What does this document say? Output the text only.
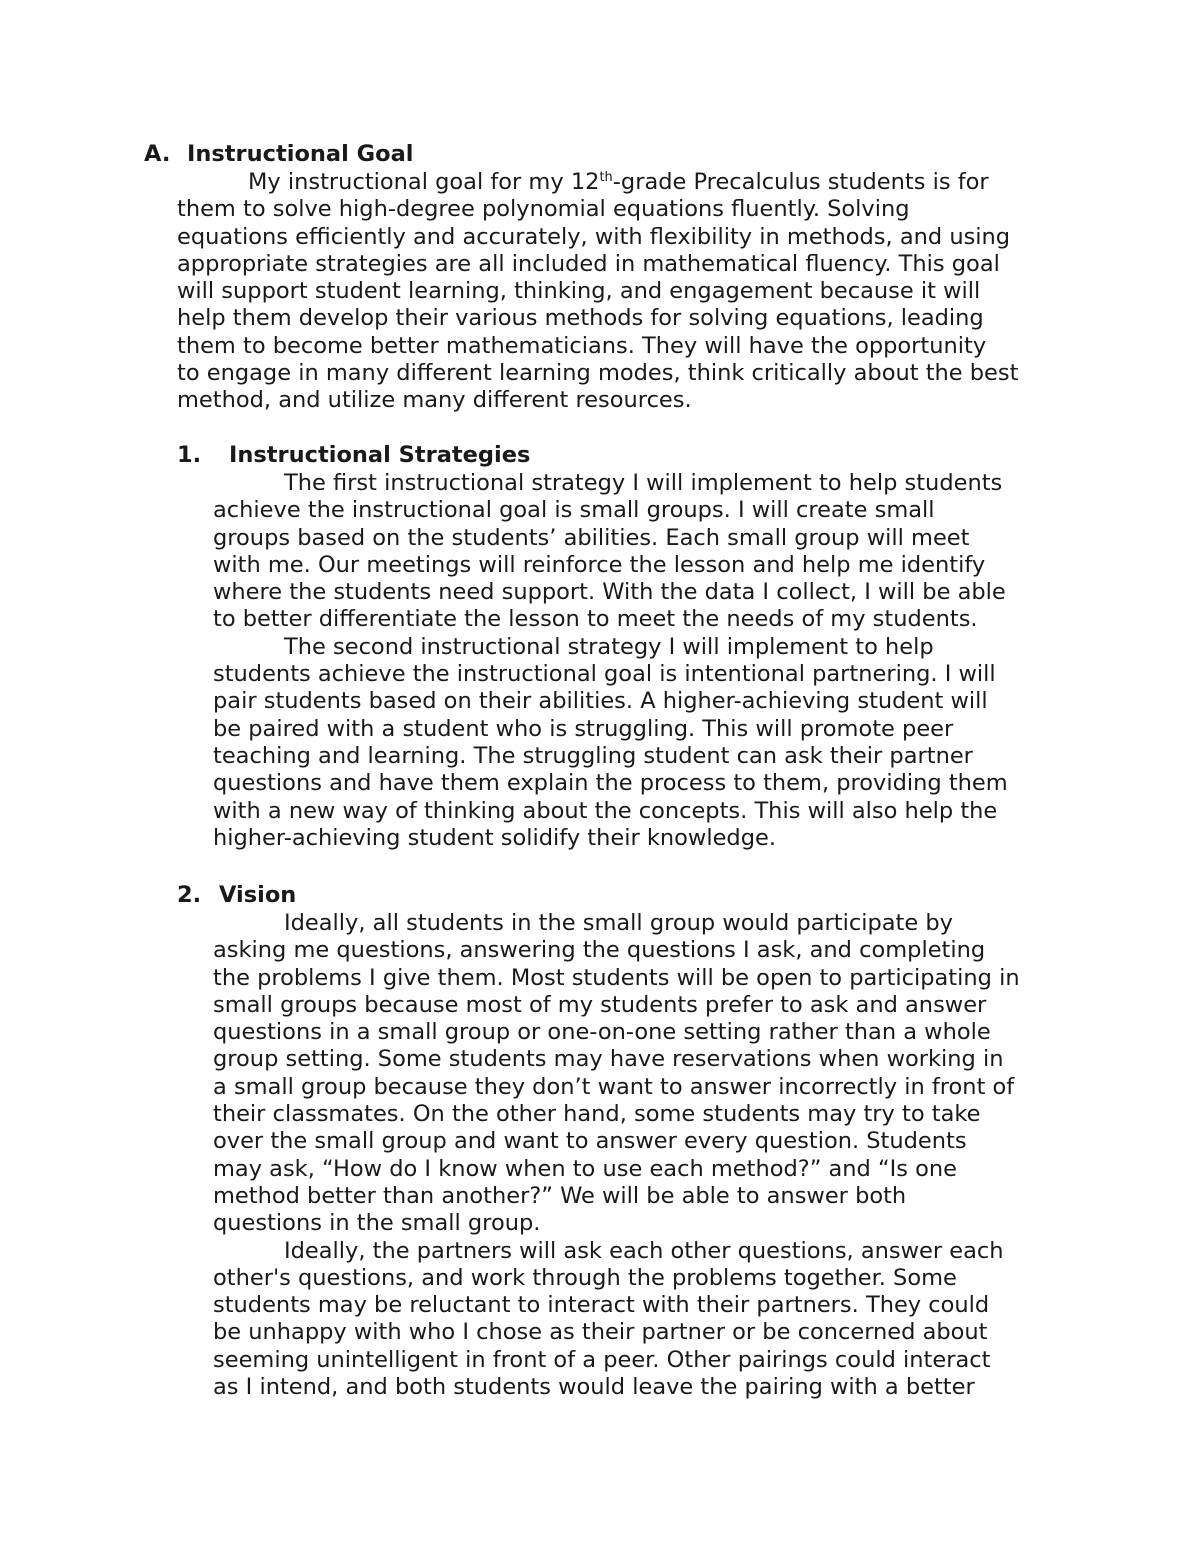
A. Instructional Goal

My instructional goal for my 12th-grade Precalculus students is for
them to solve high-degree polynomial equations fluently. Solving
equations efficiently and accurately, with flexibility in methods, and using
appropriate strategies are all included in mathematical fluency. This goal
will support student learning, thinking, and engagement because it will
help them develop their various methods for solving equations, leading
them to become better mathematicians. They will have the opportunity
to engage in many different learning modes, think critically about the best
method, and utilize many different resources.

1. Instructional Strategies

The first instructional strategy I will implement to help students
achieve the instructional goal is small groups. I will create small
groups based on the students’ abilities. Each small group will meet
with me. Our meetings will reinforce the lesson and help me identify
where the students need support. With the data I collect, I will be able
to better differentiate the lesson to meet the needs of my students.

The second instructional strategy I will implement to help
students achieve the instructional goal is intentional partnering. I will
pair students based on their abilities. A higher-achieving student will
be paired with a student who is struggling. This will promote peer
teaching and learning. The struggling student can ask their partner
questions and have them explain the process to them, providing them
with a new way of thinking about the concepts. This will also help the
higher-achieving student solidify their knowledge.

2. Vision

Ideally, all students in the small group would participate by
asking me questions, answering the questions I ask, and completing
the problems I give them. Most students will be open to participating in
small groups because most of my students prefer to ask and answer
questions in a small group or one-on-one setting rather than a whole
group setting. Some students may have reservations when working in
a small group because they don’t want to answer incorrectly in front of
their classmates. On the other hand, some students may try to take
over the small group and want to answer every question. Students
may ask, “How do I know when to use each method?” and “Is one
method better than another?” We will be able to answer both
questions in the small group.

Ideally, the partners will ask each other questions, answer each
other's questions, and work through the problems together. Some
students may be reluctant to interact with their partners. They could
be unhappy with who I chose as their partner or be concerned about
seeming unintelligent in front of a peer. Other pairings could interact
as I intend, and both students would leave the pairing with a better
